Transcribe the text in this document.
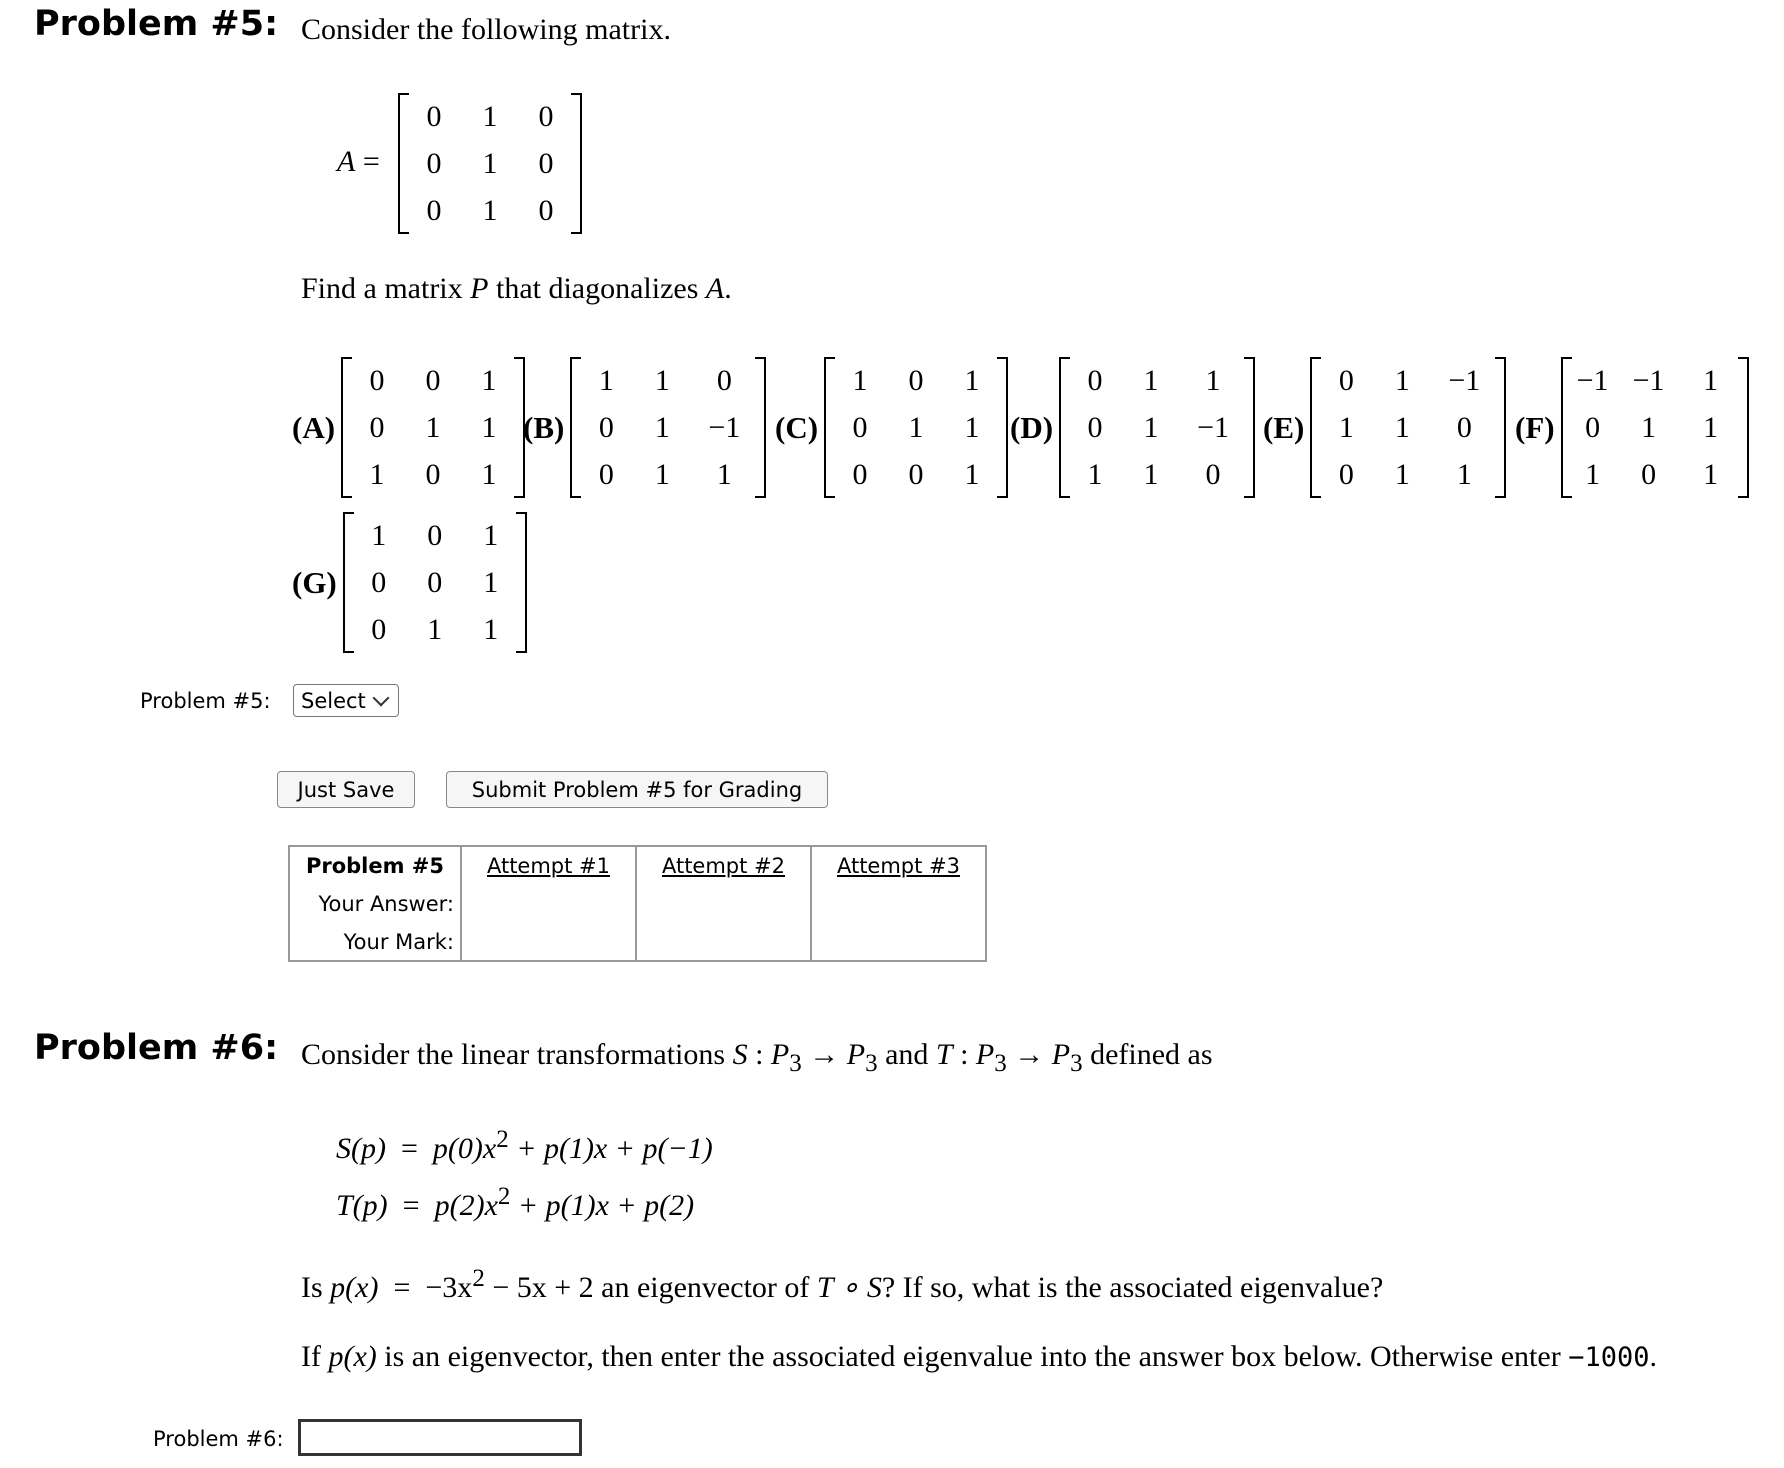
Problem #5: Consider the following matrix.
A =
0	1	0
0	1	0
0	1	0
Find a matrix P that diagonalizes A.
(A)
0	0	1
0	1	1
1	0	1
(B)
1	1	0
0	1	−1
0	1	1
(C)
1	0	1
0	1	1
0	0	1
(D)
0	1	1
0	1	−1
1	1	0
(E)
0	1	−1
1	1	0
0	1	1
(F)
−1 −1	1
0	1	1
1	0	1
(G)
1	0	1
0	0	1
0	1	1
Problem #5: Select
Just Save	Submit Problem #5 for Grading
Problem #5	Attempt #1	Attempt #2	Attempt #3
Your Answer:			
Your Mark:			
Problem #6: Consider the linear transformations S : $P_3 \to P_3$ and T : $P_3 \to P_3$ defined as
$S(p) = p(0)x^2 + p(1)x + p(-1)$
$T(p) = p(2)x^2 + p(1)x + p(2)$
Is $p(x) = -3x^2 - 5x + 2$ an eigenvector of T ∘ S? If so, what is the associated eigenvalue?
If p(x) is an eigenvector, then enter the associated eigenvalue into the answer box below. Otherwise enter −1000.
Problem #6:
